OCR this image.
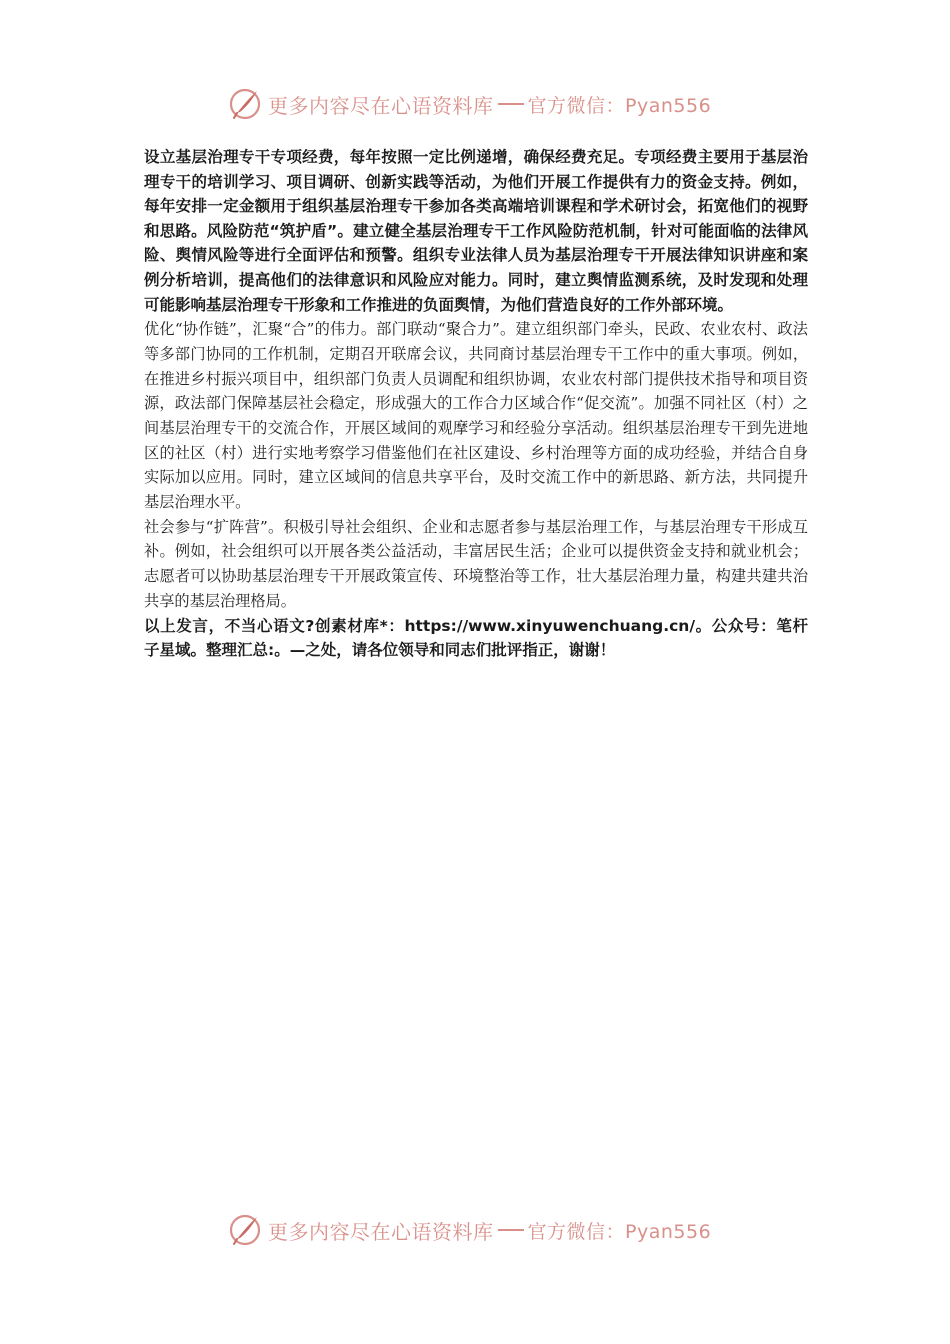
更多内容尽在心语资料库 官方微信：Pyan556

设立基层治理专干专项经费，每年按照一定比例递增，确保经费充足。专项经费主要用于基层治理专干的培训学习、项目调研、创新实践等活动，为他们开展工作提供有力的资金支持。例如，每年安排一定金额用于组织基层治理专干参加各类高端培训课程和学术研讨会，拓宽他们的视野和思路。风险防范“筑护盾”。建立健全基层治理专干工作风险防范机制，针对可能面临的法律风险、舆情风险等进行全面评估和预警。组织专业法律人员为基层治理专干开展法律知识讲座和案例分析培训，提高他们的法律意识和风险应对能力。同时，建立舆情监测系统，及时发现和处理可能影响基层治理专干形象和工作推进的负面舆情，为他们营造良好的工作外部环境。

优化“协作链”，汇聚“合”的伟力。部门联动“聚合力”。建立组织部门牵头，民政、农业农村、政法等多部门协同的工作机制，定期召开联席会议，共同商讨基层治理专干工作中的重大事项。例如，在推进乡村振兴项目中，组织部门负责人员调配和组织协调，农业农村部门提供技术指导和项目资源，政法部门保障基层社会稳定，形成强大的工作合力区域合作“促交流”。加强不同社区（村）之间基层治理专干的交流合作，开展区域间的观摩学习和经验分享活动。组织基层治理专干到先进地区的社区（村）进行实地考察学习借鉴他们在社区建设、乡村治理等方面的成功经验，并结合自身实际加以应用。同时，建立区域间的信息共享平台，及时交流工作中的新思路、新方法，共同提升基层治理水平。

社会参与“扩阵营”。积极引导社会组织、企业和志愿者参与基层治理工作，与基层治理专干形成互补。例如，社会组织可以开展各类公益活动，丰富居民生活；企业可以提供资金支持和就业机会；志愿者可以协助基层治理专干开展政策宣传、环境整治等工作，壮大基层治理力量，构建共建共治共享的基层治理格局。

以上发言，不当心语文?创素材库*：https://www.xinyuwenchuang.cn/。公众号：笔杆子星域。整理汇总:。—之处，请各位领导和同志们批评指正，谢谢！

更多内容尽在心语资料库 官方微信：Pyan556
